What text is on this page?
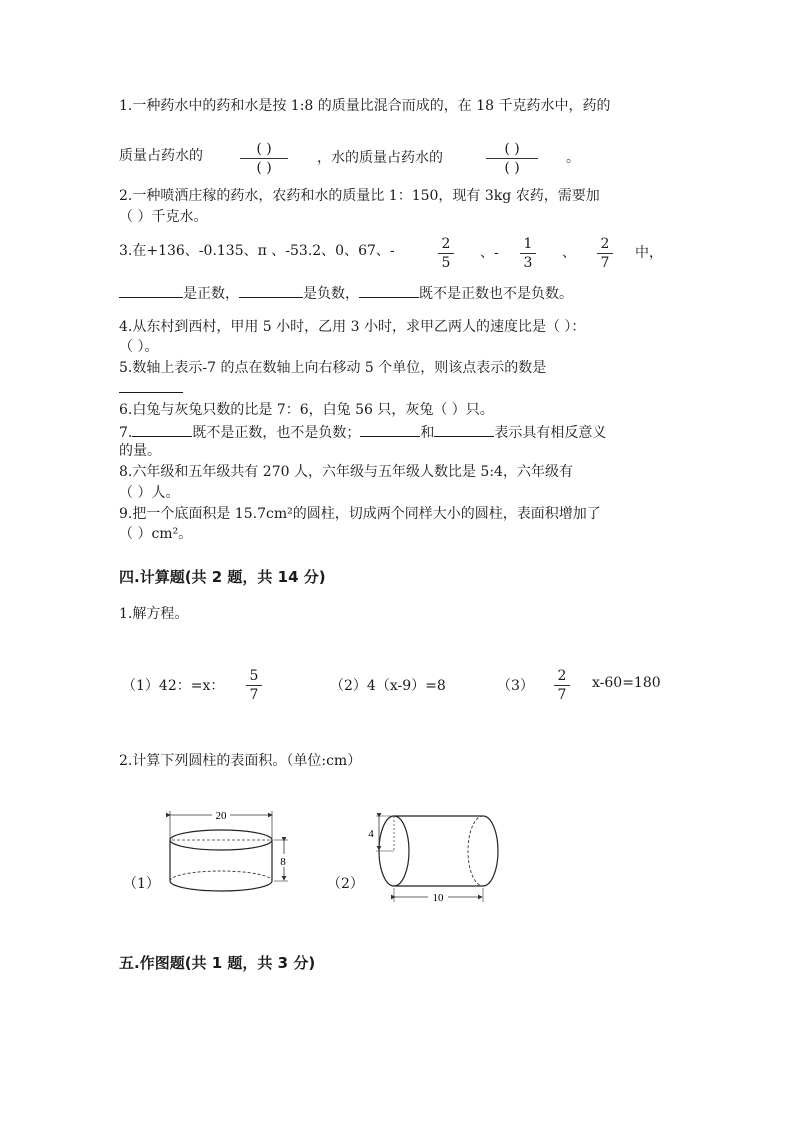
1.一种药水中的药和水是按 1:8 的质量比混合而成的，在 18 千克药水中，药的
质量占药水的	( )
( )
，水的质量占药水的
( )
( )
。
2.一种喷洒庄稼的药水，农药和水的质量比 1：150，现有 3kg 农药，需要加
（ ）千克水。
3.在+136、-0.135、π 、-53.2、0、67、-	2
5
、-
1
3
、
2
7
中，
是正数，	是负数，	既不是正数也不是负数。
4.从东村到西村，甲用 5 小时，乙用 3 小时，求甲乙两人的速度比是（ ）：
（ ）。
5.数轴上表示-7 的点在数轴上向右移动 5 个单位，则该点表示的数是
6.白兔与灰兔只数的比是 7：6，白兔 56 只，灰兔（ ）只。
7.	既不是正数，也不是负数；	和	表示具有相反意义
的量。
8.六年级和五年级共有 270 人，六年级与五年级人数比是 5:4，六年级有
（ ）人。
9.把一个底面积是 15.7cm²的圆柱，切成两个同样大小的圆柱，表面积增加了
（ ）cm²。
四.计算题(共 2 题，共 14 分)
1.解方程。
（1）42：=x：
5
7
（2）4（x-9）=8	（3）
2
7
x-60=180
2.计算下列圆柱的表面积。（单位:cm）
（1）
20
8
（2）
4
10
五.作图题(共 1 题，共 3 分)
